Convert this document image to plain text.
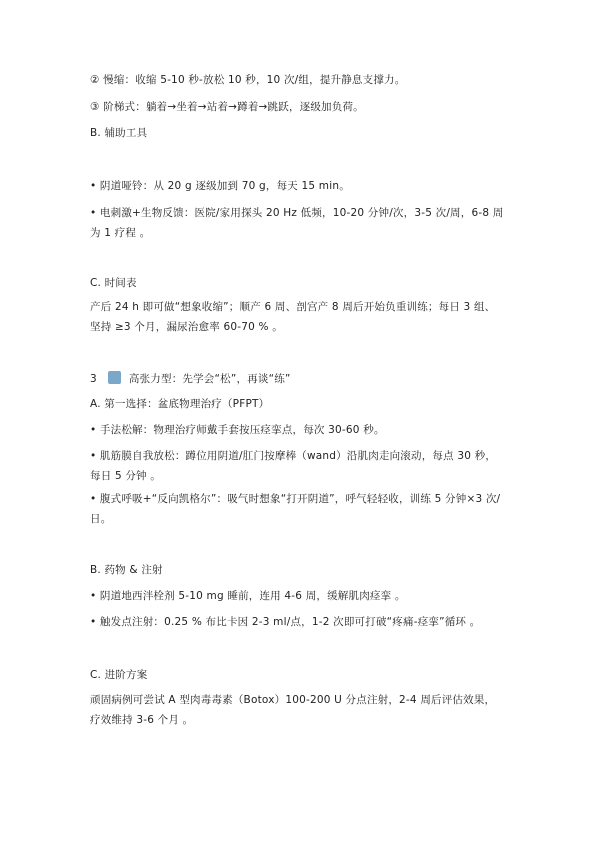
② 慢缩：收缩 5-10 秒-放松 10 秒，10 次/组，提升静息支撑力。
③ 阶梯式：躺着→坐着→站着→蹲着→跳跃，逐级加负荷。
B. 辅助工具
• 阴道哑铃：从 20 g 逐级加到 70 g，每天 15 min。
• 电刺激+生物反馈：医院/家用探头 20 Hz 低频，10-20 分钟/次，3-5 次/周，6-8 周为 1 疗程 。
C. 时间表
产后 24 h 即可做“想象收缩”；顺产 6 周、剖宫产 8 周后开始负重训练；每日 3 组、坚持 ≥3 个月，漏尿治愈率 60-70 % 。
3	高张力型：先学会“松”，再谈“练”
A. 第一选择：盆底物理治疗（PFPT）
• 手法松解：物理治疗师戴手套按压痉挛点，每次 30-60 秒。
• 肌筋膜自我放松：蹲位用阴道/肛门按摩棒（wand）沿肌肉走向滚动，每点 30 秒，每日 5 分钟 。
• 腹式呼吸+“反向凯格尔”：吸气时想象“打开阴道”，呼气轻轻收，训练 5 分钟×3 次/日。
B. 药物 & 注射
• 阴道地西泮栓剂 5-10 mg 睡前，连用 4-6 周，缓解肌肉痉挛 。
• 触发点注射：0.25 % 布比卡因 2-3 ml/点，1-2 次即可打破“疼痛-痉挛”循环 。
C. 进阶方案
顽固病例可尝试 A 型肉毒毒素（Botox）100-200 U 分点注射，2-4 周后评估效果，疗效维持 3-6 个月 。
